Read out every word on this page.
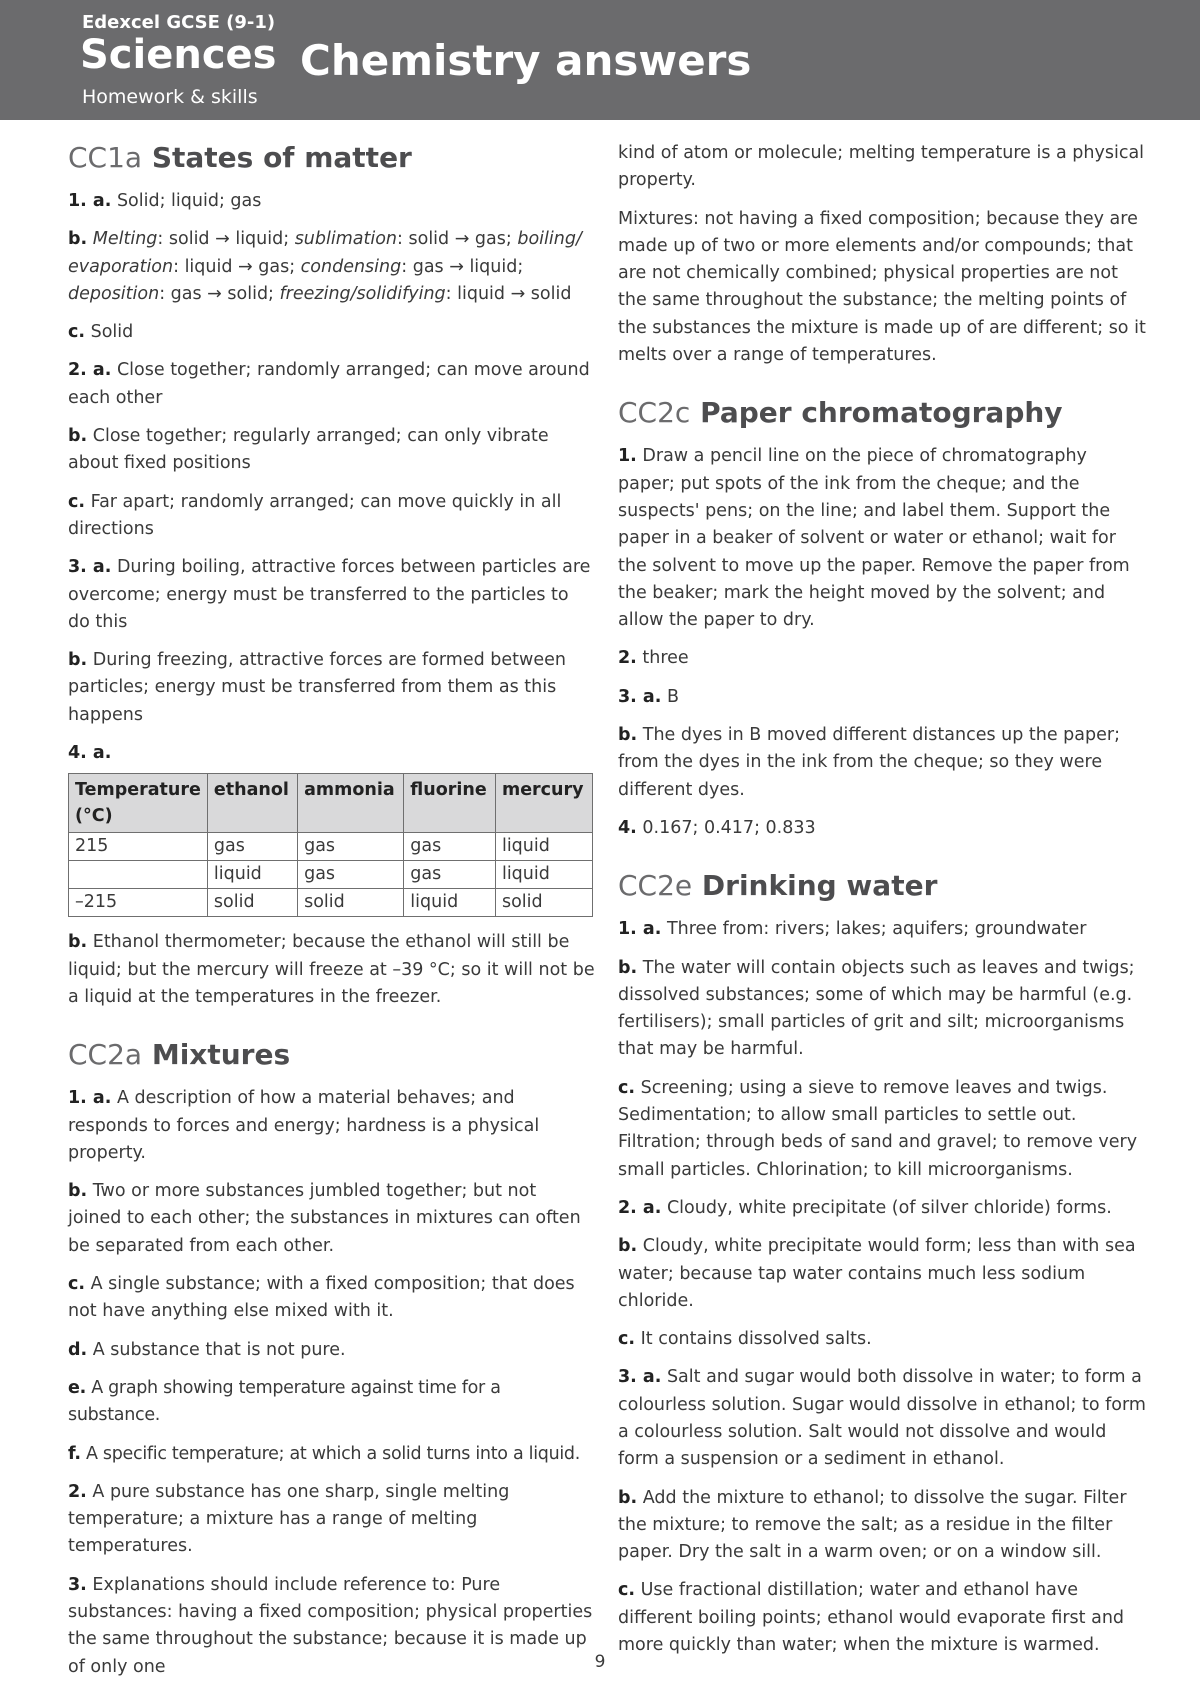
Edexcel GCSE (9-1)
Sciences
Homework & skills
Chemistry answers
CC1a States of matter

1. a. Solid; liquid; gas

b. Melting: solid → liquid; sublimation: solid → gas; boiling/ evaporation: liquid → gas; condensing: gas → liquid; deposition: gas → solid; freezing/solidifying: liquid → solid

c. Solid

2. a. Close together; randomly arranged; can move around each other

b. Close together; regularly arranged; can only vibrate about fixed positions

c. Far apart; randomly arranged; can move quickly in all directions

3. a. During boiling, attractive forces between particles are overcome; energy must be transferred to the particles to do this

b. During freezing, attractive forces are formed between particles; energy must be transferred from them as this happens

4. a.

Temperature (°C)	ethanol	ammonia	fluorine	mercury
215	gas	gas	gas	liquid
	liquid	gas	gas	liquid
–215	solid	solid	liquid	solid

b. Ethanol thermometer; because the ethanol will still be liquid; but the mercury will freeze at –39 °C; so it will not be a liquid at the temperatures in the freezer.

CC2a Mixtures

1. a. A description of how a material behaves; and responds to forces and energy; hardness is a physical property.

b. Two or more substances jumbled together; but not joined to each other; the substances in mixtures can often be separated from each other.

c. A single substance; with a fixed composition; that does not have anything else mixed with it.

d. A substance that is not pure.

e. A graph showing temperature against time for a substance.

f. A specific temperature; at which a solid turns into a liquid.

2. A pure substance has one sharp, single melting temperature; a mixture has a range of melting temperatures.

3. Explanations should include reference to: Pure substances: having a fixed composition; physical properties the same throughout the substance; because it is made up of only one

kind of atom or molecule; melting temperature is a physical property.

Mixtures: not having a fixed composition; because they are made up of two or more elements and/or compounds; that are not chemically combined; physical properties are not the same throughout the substance; the melting points of the substances the mixture is made up of are different; so it melts over a range of temperatures.

CC2c Paper chromatography

1. Draw a pencil line on the piece of chromatography paper; put spots of the ink from the cheque; and the suspects' pens; on the line; and label them. Support the paper in a beaker of solvent or water or ethanol; wait for the solvent to move up the paper. Remove the paper from the beaker; mark the height moved by the solvent; and allow the paper to dry.

2. three

3. a. B

b. The dyes in B moved different distances up the paper; from the dyes in the ink from the cheque; so they were different dyes.

4. 0.167; 0.417; 0.833

CC2e Drinking water

1. a. Three from: rivers; lakes; aquifers; groundwater

b. The water will contain objects such as leaves and twigs; dissolved substances; some of which may be harmful (e.g. fertilisers); small particles of grit and silt; microorganisms that may be harmful.

c. Screening; using a sieve to remove leaves and twigs. Sedimentation; to allow small particles to settle out. Filtration; through beds of sand and gravel; to remove very small particles. Chlorination; to kill microorganisms.

2. a. Cloudy, white precipitate (of silver chloride) forms.

b. Cloudy, white precipitate would form; less than with sea water; because tap water contains much less sodium chloride.

c. It contains dissolved salts.

3. a. Salt and sugar would both dissolve in water; to form a colourless solution. Sugar would dissolve in ethanol; to form a colourless solution. Salt would not dissolve and would form a suspension or a sediment in ethanol.

b. Add the mixture to ethanol; to dissolve the sugar. Filter the mixture; to remove the salt; as a residue in the filter paper. Dry the salt in a warm oven; or on a window sill.

c. Use fractional distillation; water and ethanol have different boiling points; ethanol would evaporate first and more quickly than water; when the mixture is warmed.

9
